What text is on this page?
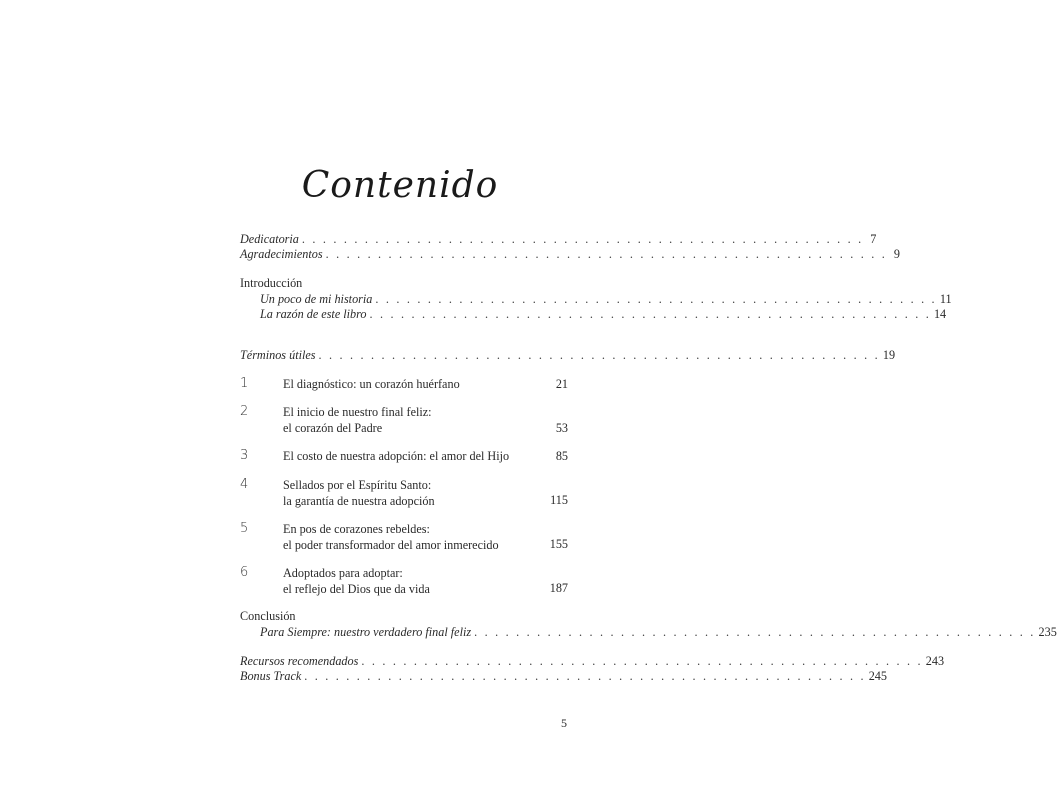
Contenido
Dedicatoria . . . . . . . . . . . . . . . . . . . . . . . . . . . . . . . . . . . . . . . . . . . . . . . . . . . . . . 7
Agradecimientos . . . . . . . . . . . . . . . . . . . . . . . . . . . . . . . . . . . . . . . . . . . . . . . . . . . . . . 9
Introducción
Un poco de mi historia . . . . . . . . . . . . . . . . . . . . . . . . . . . . . . . . . . . . . . . . . . . . . . . . . . . . . . 11
La razón de este libro . . . . . . . . . . . . . . . . . . . . . . . . . . . . . . . . . . . . . . . . . . . . . . . . . . . . . . 14
Términos útiles . . . . . . . . . . . . . . . . . . . . . . . . . . . . . . . . . . . . . . . . . . . . . . . . . . . . . . 19
1	El diagnóstico: un corazón huérfano	21
2	El inicio de nuestro final feliz:
el corazón del Padre	53
3	El costo de nuestra adopción: el amor del Hijo	85
4	Sellados por el Espíritu Santo:
la garantía de nuestra adopción	115
5	En pos de corazones rebeldes:
el poder transformador del amor inmerecido	155
6	Adoptados para adoptar:
el reflejo del Dios que da vida	187
Conclusión
Para Siempre: nuestro verdadero final feliz . . . . . . . . . . . . . . . . . . . . . . . . . . . . . . . . . . . . . . . . . . . . . . . . . . . . . . 235
Recursos recomendados . . . . . . . . . . . . . . . . . . . . . . . . . . . . . . . . . . . . . . . . . . . . . . . . . . . . . . 243
Bonus Track . . . . . . . . . . . . . . . . . . . . . . . . . . . . . . . . . . . . . . . . . . . . . . . . . . . . . . 245
5
